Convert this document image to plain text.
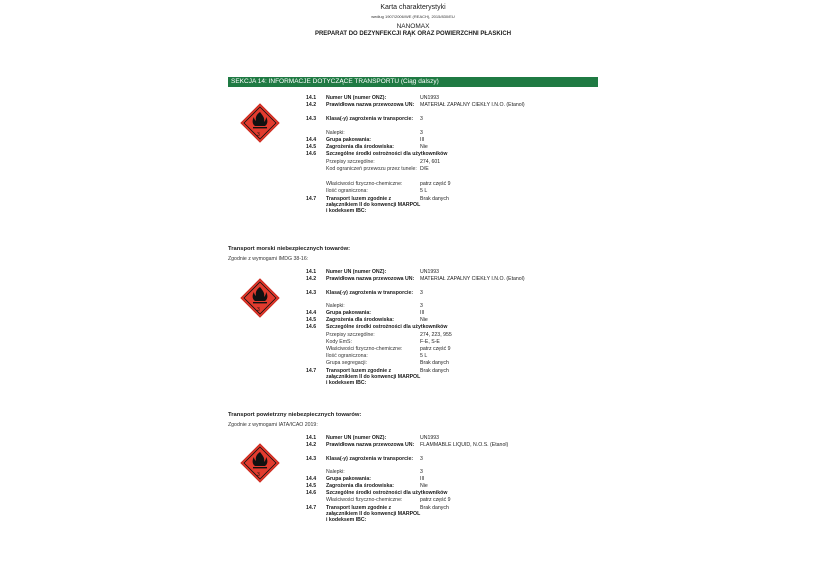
Karta charakterystyki
według 1907/2006/WE (REACH), 2015/830/EU
NANOMAX
PREPARAT DO DEZYNFEKCJI RĄK ORAZ POWIERZCHNI PŁASKICH
SEKCJA 14: INFORMACJE DOTYCZĄCE TRANSPORTU (Ciąg dalszy)
3
14.1 Numer UN (numer ONZ):	UN1993
14.2 Prawidłowa nazwa przewozowa UN:	MATERIAŁ ZAPALNY CIEKŁY I.N.O. (Etanol)
14.3 Klasa(-y) zagrożenia w transporcie:	3
Nalepki:	3
14.4 Grupa pakowania:	III
14.5 Zagrożenia dla środowiska:	Nie
14.6 Szczególne środki ostrożności dla użytkowników
Przepisy szczególne:	274, 601
Kod ograniczeń przewozu przez tunele: D/E
Właściwości fizyczno-chemiczne:	patrz część 9
Ilość ograniczona:	5 L
14.7 Transport luzem zgodnie z załącznikiem II do konwencji MARPOL i kodeksem IBC:
Brak danych
Transport morski niebezpiecznych towarów:
Zgodnie z wymogami IMDG 38-16:
3
14.1 Numer UN (numer ONZ):	UN1993
14.2 Prawidłowa nazwa przewozowa UN:	MATERIAŁ ZAPALNY CIEKŁY I.N.O. (Etanol)
14.3 Klasa(-y) zagrożenia w transporcie:	3
Nalepki:	3
14.4 Grupa pakowania:	III
14.5 Zagrożenia dla środowiska:	Nie
14.6 Szczególne środki ostrożności dla użytkowników
Przepisy szczególne:	274, 223, 955
Kody EmS:	F-E, S-E
Właściwości fizyczno-chemiczne:	patrz część 9
Ilość ograniczona:	5 L
Grupa segregacji:	Brak danych
14.7 Transport luzem zgodnie z załącznikiem II do konwencji MARPOL i kodeksem IBC:
Brak danych
Transport powietrzny niebezpiecznych towarów:
Zgodnie z wymogami IATA/ICAO 2019:
3
14.1 Numer UN (numer ONZ):	UN1993
14.2 Prawidłowa nazwa przewozowa UN:	FLAMMABLE LIQUID, N.O.S. (Etanol)
14.3 Klasa(-y) zagrożenia w transporcie:	3
Nalepki:	3
14.4 Grupa pakowania:	III
14.5 Zagrożenia dla środowiska:	Nie
14.6 Szczególne środki ostrożności dla użytkowników
Właściwości fizyczno-chemiczne:	patrz część 9
14.7 Transport luzem zgodnie z załącznikiem II do konwencji MARPOL i kodeksem IBC:
Brak danych
